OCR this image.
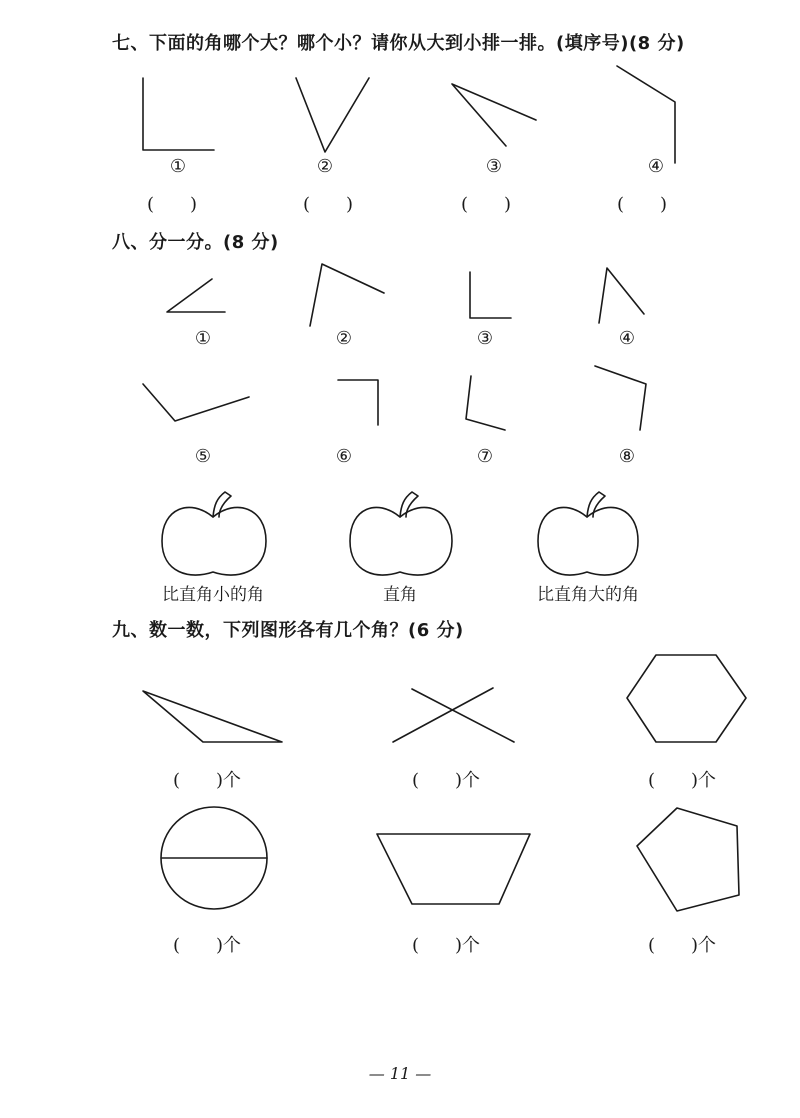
七、下面的角哪个大？哪个小？请你从大到小排一排。(填序号)(8 分)
①	②	③	④
(　　)	(　　)	(　　)	(　　)
八、分一分。(8 分)
①	②	③	④
⑤	⑥	⑦	⑧
比直角小的角	直角	比直角大的角
九、数一数，下列图形各有几个角？(6 分)
(　　)个	(　　)个	(　　)个
(　　)个	(　　)个	(　　)个
— 11 —
